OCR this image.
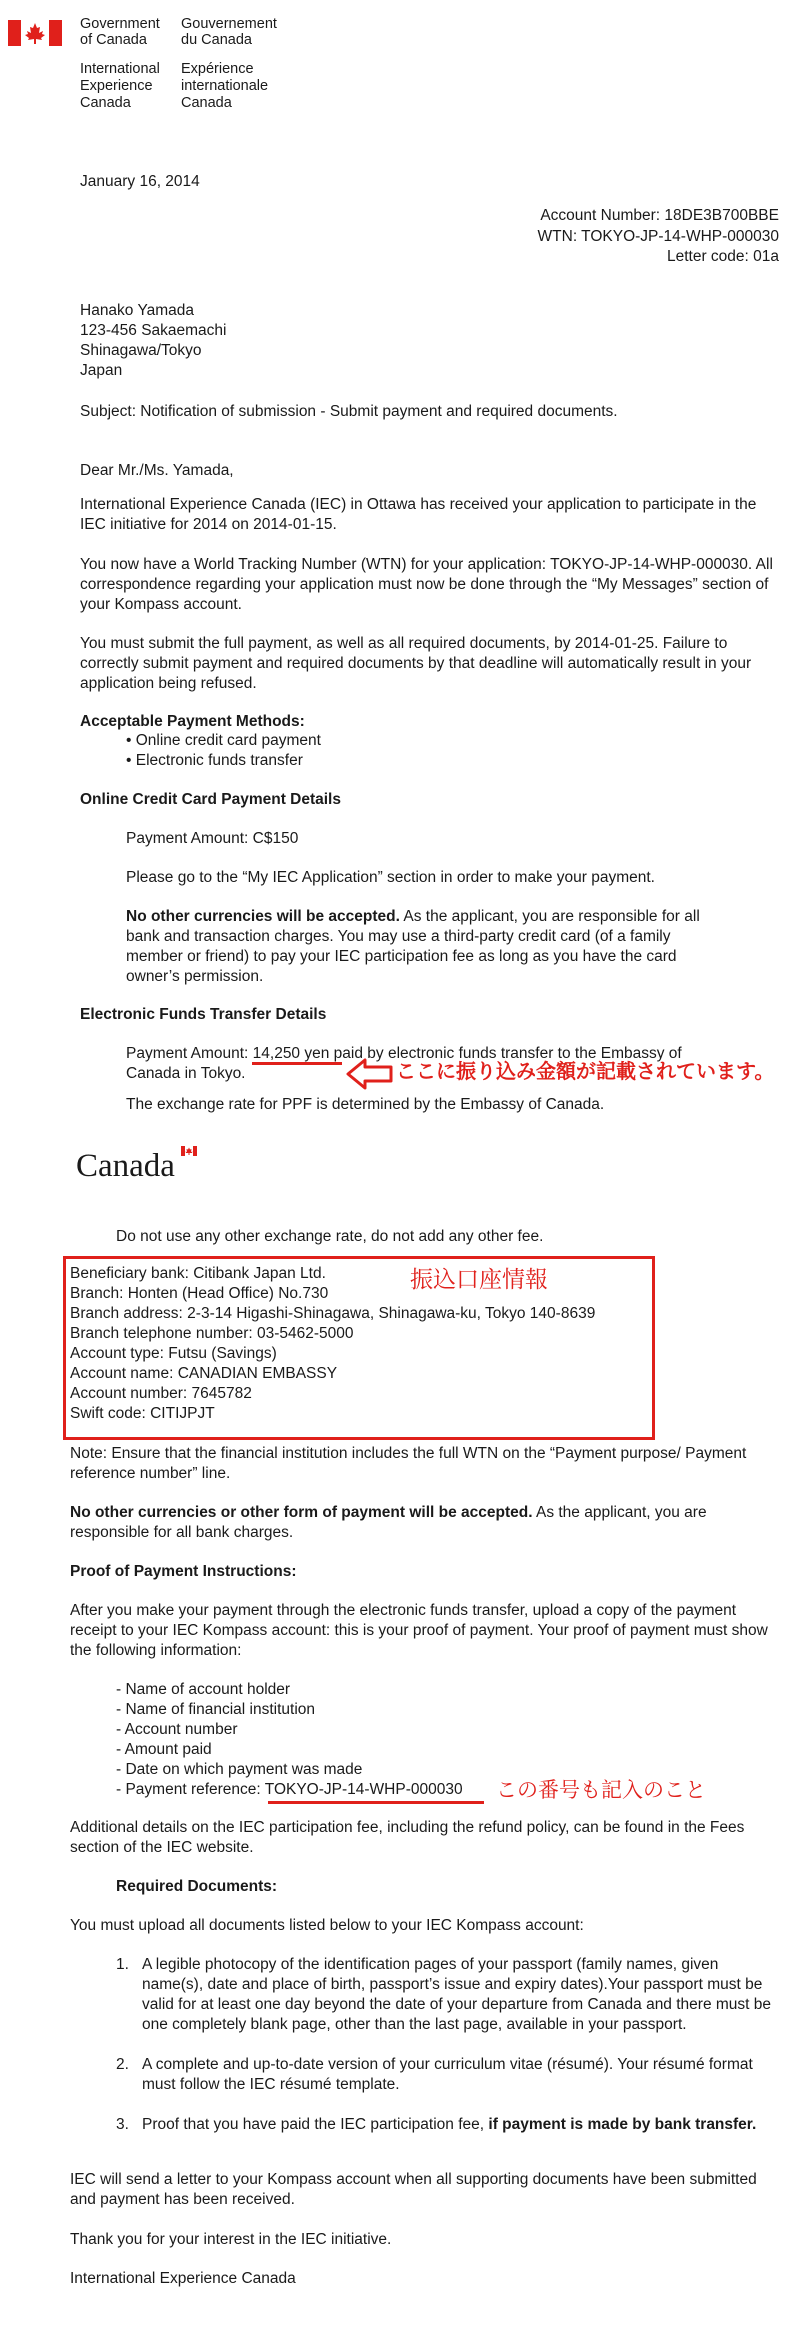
Government
of Canada
Gouvernement
du Canada
International
Experience
Canada
Expérience
internationale
Canada
January 16, 2014
Account Number: 18DE3B700BBE
WTN: TOKYO-JP-14-WHP-000030
Letter code: 01a
Hanako Yamada
123-456 Sakaemachi
Shinagawa/Tokyo
Japan
Subject: Notification of submission - Submit payment and required documents.
Dear Mr./Ms. Yamada,

International Experience Canada (IEC) in Ottawa has received your application to participate in the IEC initiative for 2014 on 2014-01-15.

You now have a World Tracking Number (WTN) for your application: TOKYO-JP-14-WHP-000030. All correspondence regarding your application must now be done through the “My Messages” section of your Kompass account.

You must submit the full payment, as well as all required documents, by 2014-01-25. Failure to correctly submit payment and required documents by that deadline will automatically result in your application being refused.

Acceptable Payment Methods:
• Online credit card payment
• Electronic funds transfer
Online Credit Card Payment Details
Payment Amount: C$150
Please go to the “My IEC Application” section in order to make your payment.

No other currencies will be accepted. As the applicant, you are responsible for all bank and transaction charges. You may use a third-party credit card (of a family member or friend) to pay your IEC participation fee as long as you have the card owner’s permission.

Electronic Funds Transfer Details

Payment Amount: 14,250 yen paid by electronic funds transfer to the Embassy of Canada in Tokyo.	ここに振り込み金額が記載されています。
The exchange rate for PPF is determined by the Embassy of Canada.
Canada
Do not use any other exchange rate, do not add any other fee.
Beneficiary bank: Citibank Japan Ltd.
Branch: Honten (Head Office) No.730
Branch address: 2-3-14 Higashi-Shinagawa, Shinagawa-ku, Tokyo 140-8639
Branch telephone number: 03-5462-5000
Account type: Futsu (Savings)
Account name: CANADIAN EMBASSY
Account number: 7645782
Swift code: CITIJPJT
振込口座情報

Note: Ensure that the financial institution includes the full WTN on the “Payment purpose/ Payment reference number” line.

No other currencies or other form of payment will be accepted. As the applicant, you are responsible for all bank charges.

Proof of Payment Instructions:

After you make your payment through the electronic funds transfer, upload a copy of the payment receipt to your IEC Kompass account: this is your proof of payment. Your proof of payment must show the following information:

- Name of account holder
- Name of financial institution
- Account number
- Amount paid
- Date on which payment was made
- Payment reference: TOKYO-JP-14-WHP-000030 この番号も記入のこと

Additional details on the IEC participation fee, including the refund policy, can be found in the Fees section of the IEC website.

Required Documents:
You must upload all documents listed below to your IEC Kompass account:
1. A legible photocopy of the identification pages of your passport (family names, given name(s), date and place of birth, passport’s issue and expiry dates).Your passport must be valid for at least one day beyond the date of your departure from Canada and there must be one completely blank page, other than the last page, available in your passport.
2. A complete and up-to-date version of your curriculum vitae (résumé). Your résumé format must follow the IEC résumé template.
3. Proof that you have paid the IEC participation fee, if payment is made by bank transfer.

IEC will send a letter to your Kompass account when all supporting documents have been submitted and payment has been received.

Thank you for your interest in the IEC initiative.
International Experience Canada
